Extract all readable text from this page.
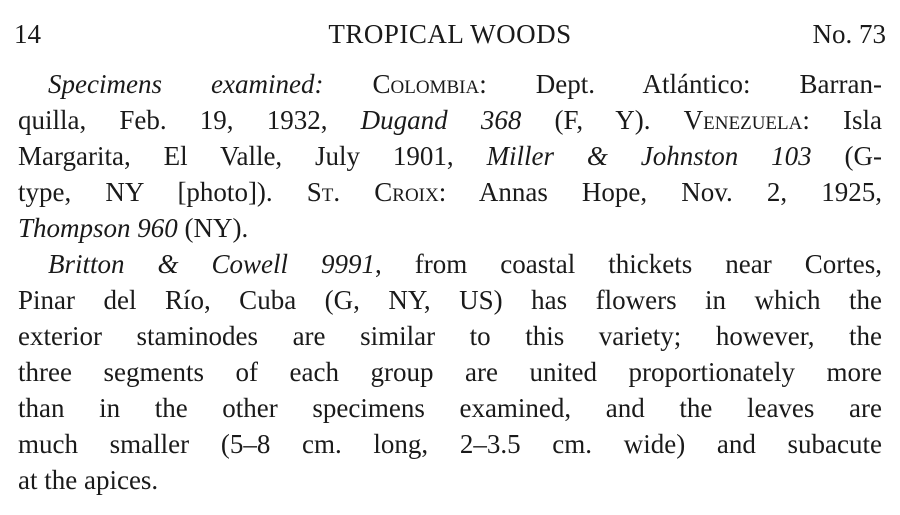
14	TROPICAL WOODS	No. 73
Specimens examined: Colombia: Dept. Atlántico: Barran-
quilla, Feb. 19, 1932, Dugand 368 (F, Y). Venezuela: Isla
Margarita, El Valle, July 1901, Miller & Johnston 103 (G-
type, NY [photo]). St. Croix: Annas Hope, Nov. 2, 1925,
Thompson 960 (NY).
Britton & Cowell 9991, from coastal thickets near Cortes,
Pinar del Río, Cuba (G, NY, US) has flowers in which the
exterior staminodes are similar to this variety; however, the
three segments of each group are united proportionately more
than in the other specimens examined, and the leaves are
much smaller (5–8 cm. long, 2–3.5 cm. wide) and subacute
at the apices.
